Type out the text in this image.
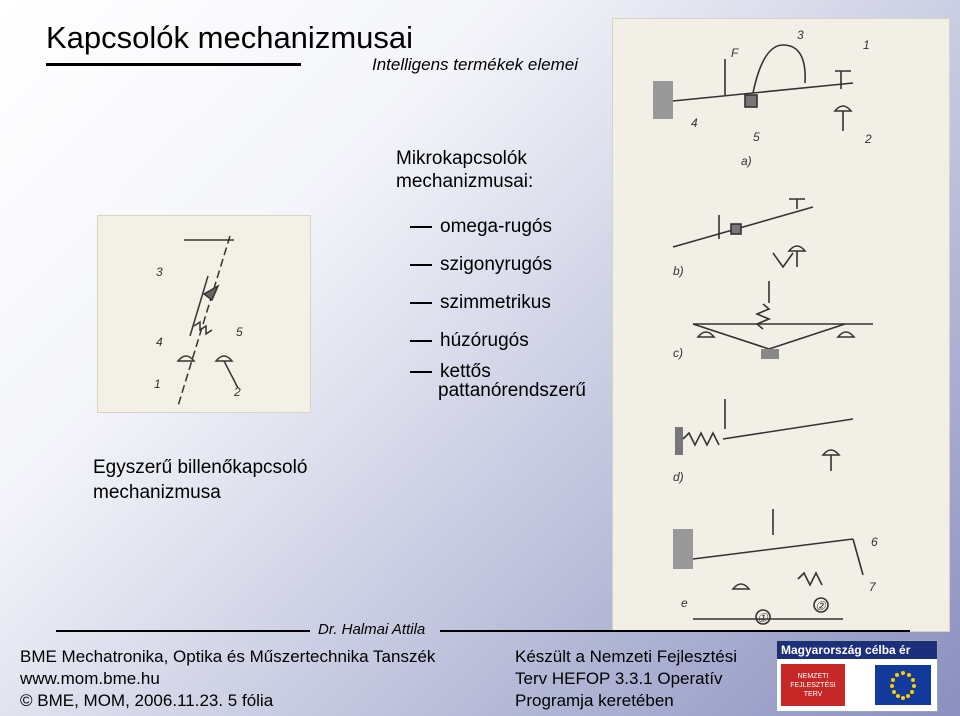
Kapcsolók mechanizmusai
Intelligens termékek elemei
F
3
1
4
5	2
a)
b)
c)
d)
e
6
7
①
②
3
4
5
1
2
Mikrokapcsolók mechanizmusai:
omega-rugós
szigonyrugós
szimmetrikus
húzórugós
kettős
pattanórendszerű
Egyszerű billenőkapcsoló mechanizmusa
Dr. Halmai Attila
BME Mechatronika, Optika és Műszertechnika Tanszék
www.mom.bme.hu
© BME, MOM, 2006.11.23. 5 fólia
Készült a Nemzeti Fejlesztési
Terv HEFOP 3.3.1 Operatív
Programja keretében
Magyarország célba ér
NEMZETI FEJLESZTÉSI TERV
